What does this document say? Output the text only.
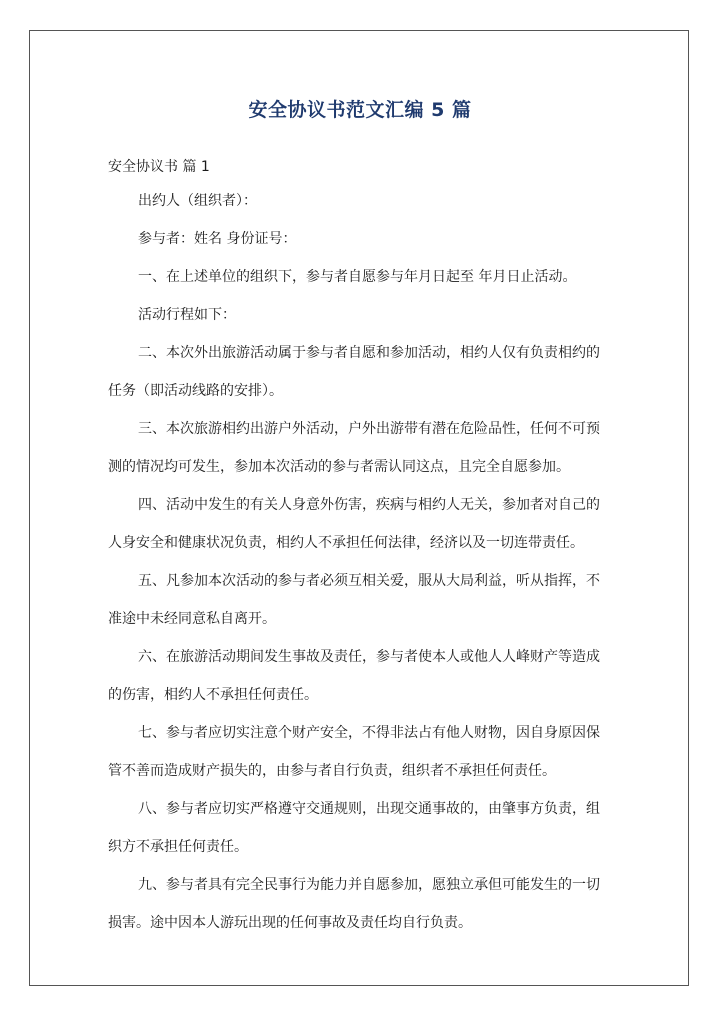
安全协议书范文汇编 5 篇
安全协议书 篇 1

出约人（组织者）：

参与者：姓名 身份证号：

一、在上述单位的组织下，参与者自愿参与年月日起至 年月日止活动。

活动行程如下：

二、本次外出旅游活动属于参与者自愿和参加活动，相约人仅有负责相约的任务（即活动线路的安排）。

三、本次旅游相约出游户外活动，户外出游带有潜在危险品性，任何不可预测的情况均可发生，参加本次活动的参与者需认同这点，且完全自愿参加。

四、活动中发生的有关人身意外伤害，疾病与相约人无关，参加者对自己的人身安全和健康状况负责，相约人不承担任何法律，经济以及一切连带责任。

五、凡参加本次活动的参与者必须互相关爱，服从大局利益，听从指挥，不准途中未经同意私自离开。

六、在旅游活动期间发生事故及责任，参与者使本人或他人人峰财产等造成的伤害，相约人不承担任何责任。

七、参与者应切实注意个财产安全，不得非法占有他人财物，因自身原因保管不善而造成财产损失的，由参与者自行负责，组织者不承担任何责任。

八、参与者应切实严格遵守交通规则，出现交通事故的，由肇事方负责，组织方不承担任何责任。

九、参与者具有完全民事行为能力并自愿参加，愿独立承但可能发生的一切损害。途中因本人游玩出现的任何事故及责任均自行负责。
